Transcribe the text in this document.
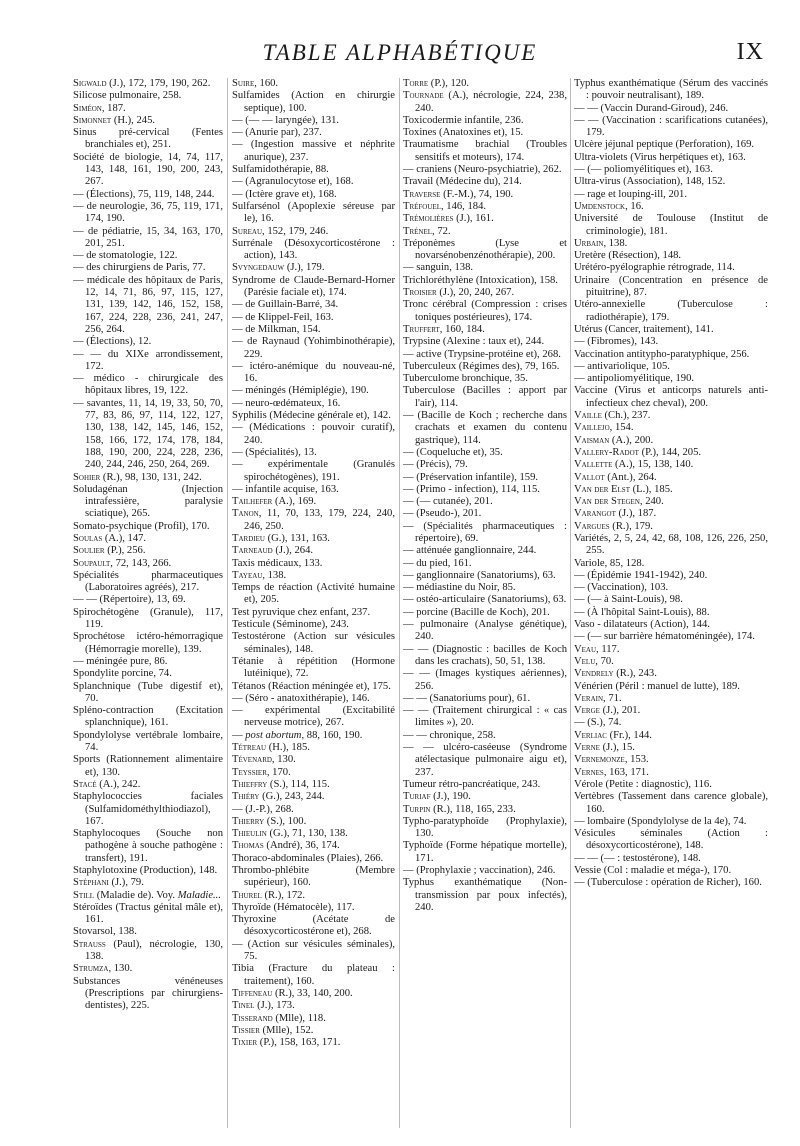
TABLE ALPHABÉTIQUE	IX

Sigwald (J.), 172, 179, 190, 262.

Silicose pulmonaire, 258.

Siméon, 187.

Simonnet (H.), 245.

Sinus pré-cervical (Fentes branchiales et), 251.

Société de biologie, 14, 74, 117, 143, 148, 161, 190, 200, 243, 267.

— (Élections), 75, 119, 148, 244.

— de neurologie, 36, 75, 119, 171, 174, 190.

— de pédiatrie, 15, 34, 163, 170, 201, 251.

— de stomatologie, 122.

— des chirurgiens de Paris, 77.

— médicale des hôpitaux de Paris, 12, 14, 71, 86, 97, 115, 127, 131, 139, 142, 146, 152, 158, 167, 224, 228, 236, 241, 247, 256, 264.

— (Élections), 12.

— — du XIXe arrondissement, 172.

— médico - chirurgicale des hôpitaux libres, 19, 122.

— savantes, 11, 14, 19, 33, 50, 70, 77, 83, 86, 97, 114, 122, 127, 130, 138, 142, 145, 146, 152, 158, 166, 172, 174, 178, 184, 188, 190, 200, 224, 228, 236, 240, 244, 246, 250, 264, 269.

Sohier (R.), 98, 130, 131, 242.

Soludagénan (Injection intrafessière, paralysie sciatique), 265.

Somato-psychique (Profil), 170.

Soulas (A.), 147.

Soulier (P.), 256.

Soupault, 72, 143, 266.

Spécialités pharmaceutiques (Laboratoires agréés), 217.

— — (Répertoire), 13, 69.

Spirochétogène (Granule), 117, 119.

Sprochétose ictéro-hémorragique (Hémorragie morelle), 139.

— méningée pure, 86.

Spondylite porcine, 74.

Splanchnique (Tube digestif et), 70.

Spléno-contraction (Excitation splanchnique), 161.

Spondylolyse vertébrale lombaire, 74.

Sports (Rationnement alimentaire et), 130.

Stacé (A.), 242.

Staphylococcies faciales (Sulfamidométhylthiodiazol), 167.

Staphylocoques (Souche non pathogène à souche pathogène : transfert), 191.

Staphylotoxine (Production), 148.

Stéphani (J.), 79.

Still (Maladie de). Voy. Maladie...

Stéroïdes (Tractus génital mâle et), 161.

Stovarsol, 138.

Strauss (Paul), nécrologie, 130, 138.

Strumza, 130.

Substances vénéneuses (Prescriptions par chirurgiens-dentistes), 225.

Suire, 160.

Sulfamides (Action en chirurgie septique), 100.

— (— — laryngée), 131.

— (Anurie par), 237.

— (Ingestion massive et néphrite anurique), 237.

Sulfamidothérapie, 88.

— (Agranulocytose et), 168.

— (Ictère grave et), 168.

Sulfarsénol (Apoplexie séreuse par le), 16.

Sureau, 152, 179, 246.

Surrénale (Désoxycorticostérone : action), 143.

Svyngedauw (J.), 179.

Syndrome de Claude-Bernard-Horner (Parésie faciale et), 174.

— de Guillain-Barré, 34.

— de Klippel-Feil, 163.

— de Milkman, 154.

— de Raynaud (Yohimbinothérapie), 229.

— ictéro-anémique du nouveau-né, 16.

— méningés (Hémiplégie), 190.

— neuro-œdémateux, 16.

Syphilis (Médecine générale et), 142.

— (Médications : pouvoir curatif), 240.

— (Spécialités), 13.

— expérimentale (Granulés spirochétogènes), 191.

— infantile acquise, 163.

Tailhefer (A.), 169.

Tanon, 11, 70, 133, 179, 224, 240, 246, 250.

Tardieu (G.), 131, 163.

Tarneaud (J.), 264.

Taxis médicaux, 133.

Tayeau, 138.

Temps de réaction (Activité humaine et), 205.

Test pyruvique chez enfant, 237.

Testicule (Séminome), 243.

Testostérone (Action sur vésicules séminales), 148.

Tétanie à répétition (Hormone lutéinique), 72.

Tétanos (Réaction méningée et), 175.

— (Séro - anatoxithérapie), 146.

— expérimental (Excitabilité nerveuse motrice), 267.

— post abortum, 88, 160, 190.

Tétreau (H.), 185.

Tévenard, 130.

Teyssier, 170.

Thieffry (S.), 114, 115.

Thiéry (G.), 243, 244.

— (J.-P.), 268.

Thierry (S.), 100.

Thieulin (G.), 71, 130, 138.

Thomas (André), 36, 174.

Thoraco-abdominales (Plaies), 266.

Thrombo-phlébite (Membre supérieur), 160.

Thurel (R.), 172.

Thyroïde (Hématocèle), 117.

Thyroxine (Acétate de désoxycorticostérone et), 268.

— (Action sur vésicules séminales), 75.

Tibia (Fracture du plateau : traitement), 160.

Tiffeneau (R.), 33, 140, 200.

Tinel (J.), 173.

Tisserand (Mlle), 118.

Tissier (Mlle), 152.

Tixier (P.), 158, 163, 171.

Torre (P.), 120.

Tournade (A.), nécrologie, 224, 238, 240.

Toxicodermie infantile, 236.

Toxines (Anatoxines et), 15.

Traumatisme brachial (Troubles sensitifs et moteurs), 174.

— craniens (Neuro-psychiatrie), 262.

Travail (Médecine du), 214.

Traverse (F.-M.), 74, 190.

Tréfouel, 146, 184.

Trémolières (J.), 161.

Trénel, 72.

Tréponèmes (Lyse et novarsénobenzénothérapie), 200.

— sanguin, 138.

Trichloréthylène (Intoxication), 158.

Troisier (J.), 20, 240, 267.

Tronc cérébral (Compression : crises toniques postérieures), 174.

Truffert, 160, 184.

Trypsine (Alexine : taux et), 244.

— active (Trypsine-protéine et), 268.

Tuberculeux (Régimes des), 79, 165.

Tuberculome bronchique, 35.

Tuberculose (Bacilles : apport par l'air), 114.

— (Bacille de Koch ; recherche dans crachats et examen du contenu gastrique), 114.

— (Coqueluche et), 35.

— (Précis), 79.

— (Préservation infantile), 159.

— (Primo - infection), 114, 115.

— (— cutanée), 201.

— (Pseudo-), 201.

— (Spécialités pharmaceutiques : répertoire), 69.

— atténuée ganglionnaire, 244.

— du pied, 161.

— ganglionnaire (Sanatoriums), 63.

— médiastine du Noir, 85.

— ostéo-articulaire (Sanatoriums), 63.

— porcine (Bacille de Koch), 201.

— pulmonaire (Analyse génétique), 240.

— — (Diagnostic : bacilles de Koch dans les crachats), 50, 51, 138.

— — (Images kystiques aériennes), 256.

— — (Sanatoriums pour), 61.

— — (Traitement chirurgical : « cas limites »), 20.

— — chronique, 258.

— — ulcéro-caséeuse (Syndrome atélectasique pulmonaire aigu et), 237.

Tumeur rétro-pancréatique, 243.

Turiaf (J.), 190.

Turpin (R.), 118, 165, 233.

Typho-paratyphoïde (Prophylaxie), 130.

Typhoïde (Forme hépatique mortelle), 171.

— (Prophylaxie ; vaccination), 246.

Typhus exanthématique (Non-transmission par poux infectés), 240.

Typhus exanthématique (Sérum des vaccinés : pouvoir neutralisant), 189.

— — (Vaccin Durand-Giroud), 246.

— — (Vaccination : scarifications cutanées), 179.

Ulcère jéjunal peptique (Perforation), 169.

Ultra-violets (Virus herpétiques et), 163.

— (— poliomyélitiques et), 163.

Ultra-virus (Association), 148, 152.

— rage et louping-ill, 201.

Umdenstock, 16.

Université de Toulouse (Institut de criminologie), 181.

Urbain, 138.

Uretère (Résection), 148.

Urétéro-pyélographie rétrograde, 114.

Urinaire (Concentration en présence de pituitrine), 87.

Utéro-annexielle (Tuberculose : radiothérapie), 179.

Utérus (Cancer, traitement), 141.

— (Fibromes), 143.

Vaccination antitypho-paratyphique, 256.

— antivariolique, 105.

— antipoliomyélitique, 190.

Vaccine (Virus et anticorps naturels anti-infectieux chez cheval), 200.

Vaille (Ch.), 237.

Vaillejo, 154.

Vaisman (A.), 200.

Vallery-Radot (P.), 144, 205.

Vallette (A.), 15, 138, 140.

Vallot (Ant.), 264.

Van der Elst (L.), 185.

Van der Stegen, 240.

Varangot (J.), 187.

Vargues (R.), 179.

Variétés, 2, 5, 24, 42, 68, 108, 126, 226, 250, 255.

Variole, 85, 128.

— (Épidémie 1941-1942), 240.

— (Vaccination), 103.

— (— à Saint-Louis), 98.

— (À l'hôpital Saint-Louis), 88.

Vaso - dilatateurs (Action), 144.

— (— sur barrière hématoméningée), 174.

Veau, 117.

Velu, 70.

Vendrely (R.), 243.

Vénérien (Péril : manuel de lutte), 189.

Verain, 71.

Verge (J.), 201.

— (S.), 74.

Verliac (Fr.), 144.

Verne (J.), 15.

Vernemonze, 153.

Vernes, 163, 171.

Vérole (Petite : diagnostic), 116.

Vertèbres (Tassement dans carence globale), 160.

— lombaire (Spondylolyse de la 4e), 74.

Vésicules séminales (Action : désoxycorticostérone), 148.

— — (— : testostérone), 148.

Vessie (Col : maladie et méga-), 170.

— (Tuberculose : opération de Richer), 160.
